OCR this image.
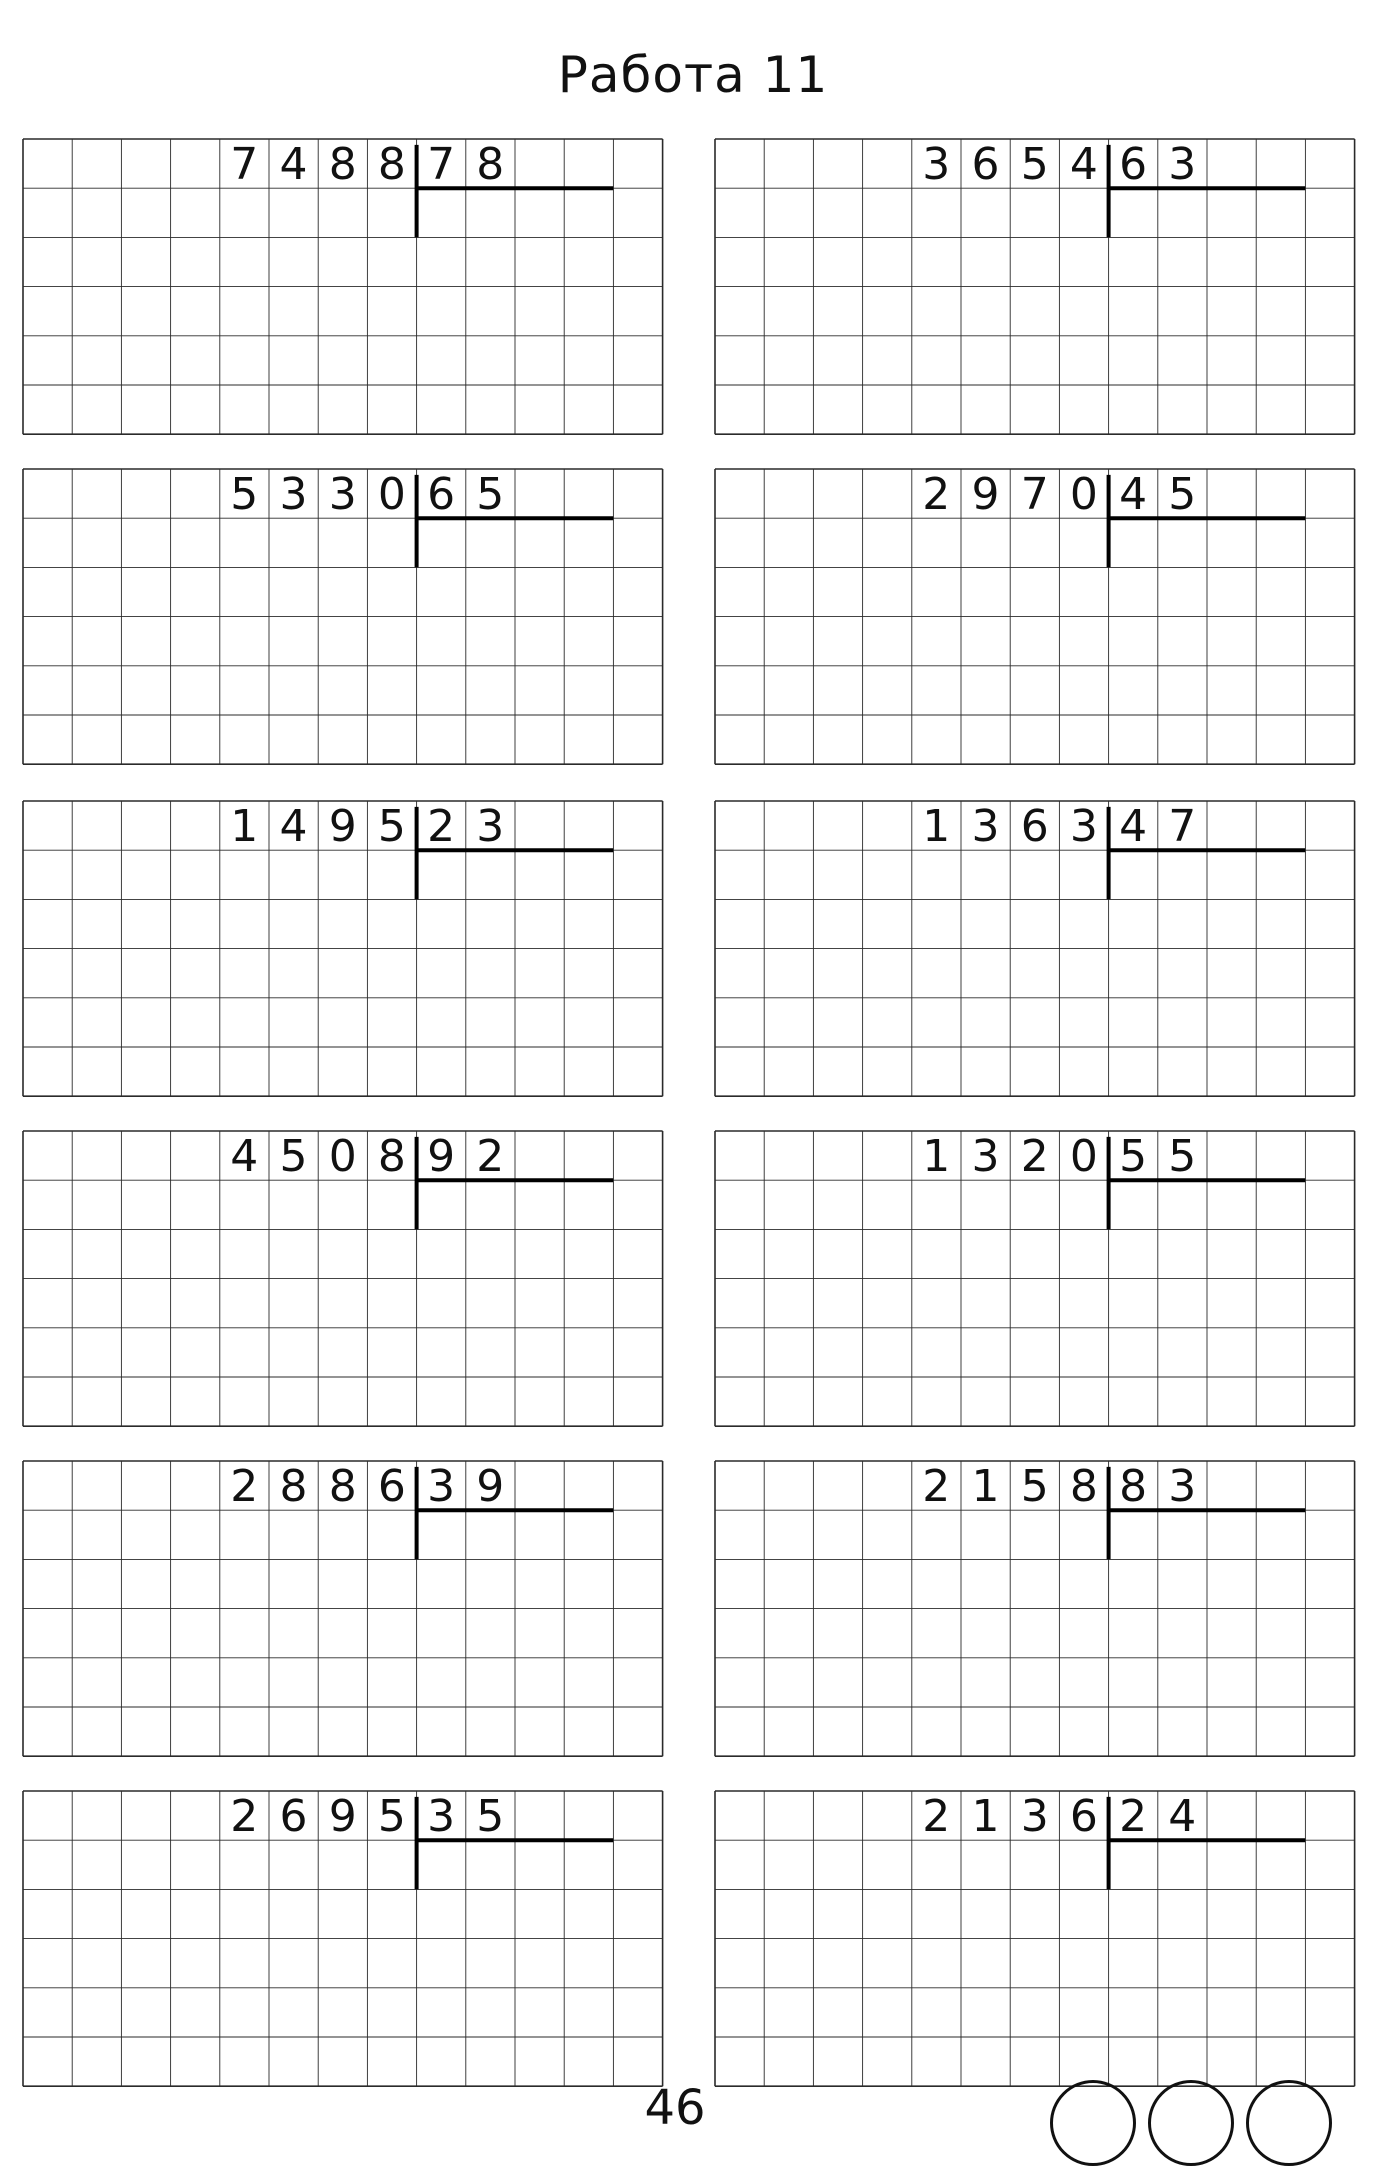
Работа 11
7 4 8 8 7 8	3 6 5 4 6 3
5 3 3 0 6 5	2 9 7 0 4 5
1 4 9 5 2 3	1 3 6 3 4 7
4 5 0 8 9 2	1 3 2 0 5 5
2 8 8 6 3 9	2 1 5 8 8 3
2 6 9 5 3 5	2 1 3 6 2 4
46
